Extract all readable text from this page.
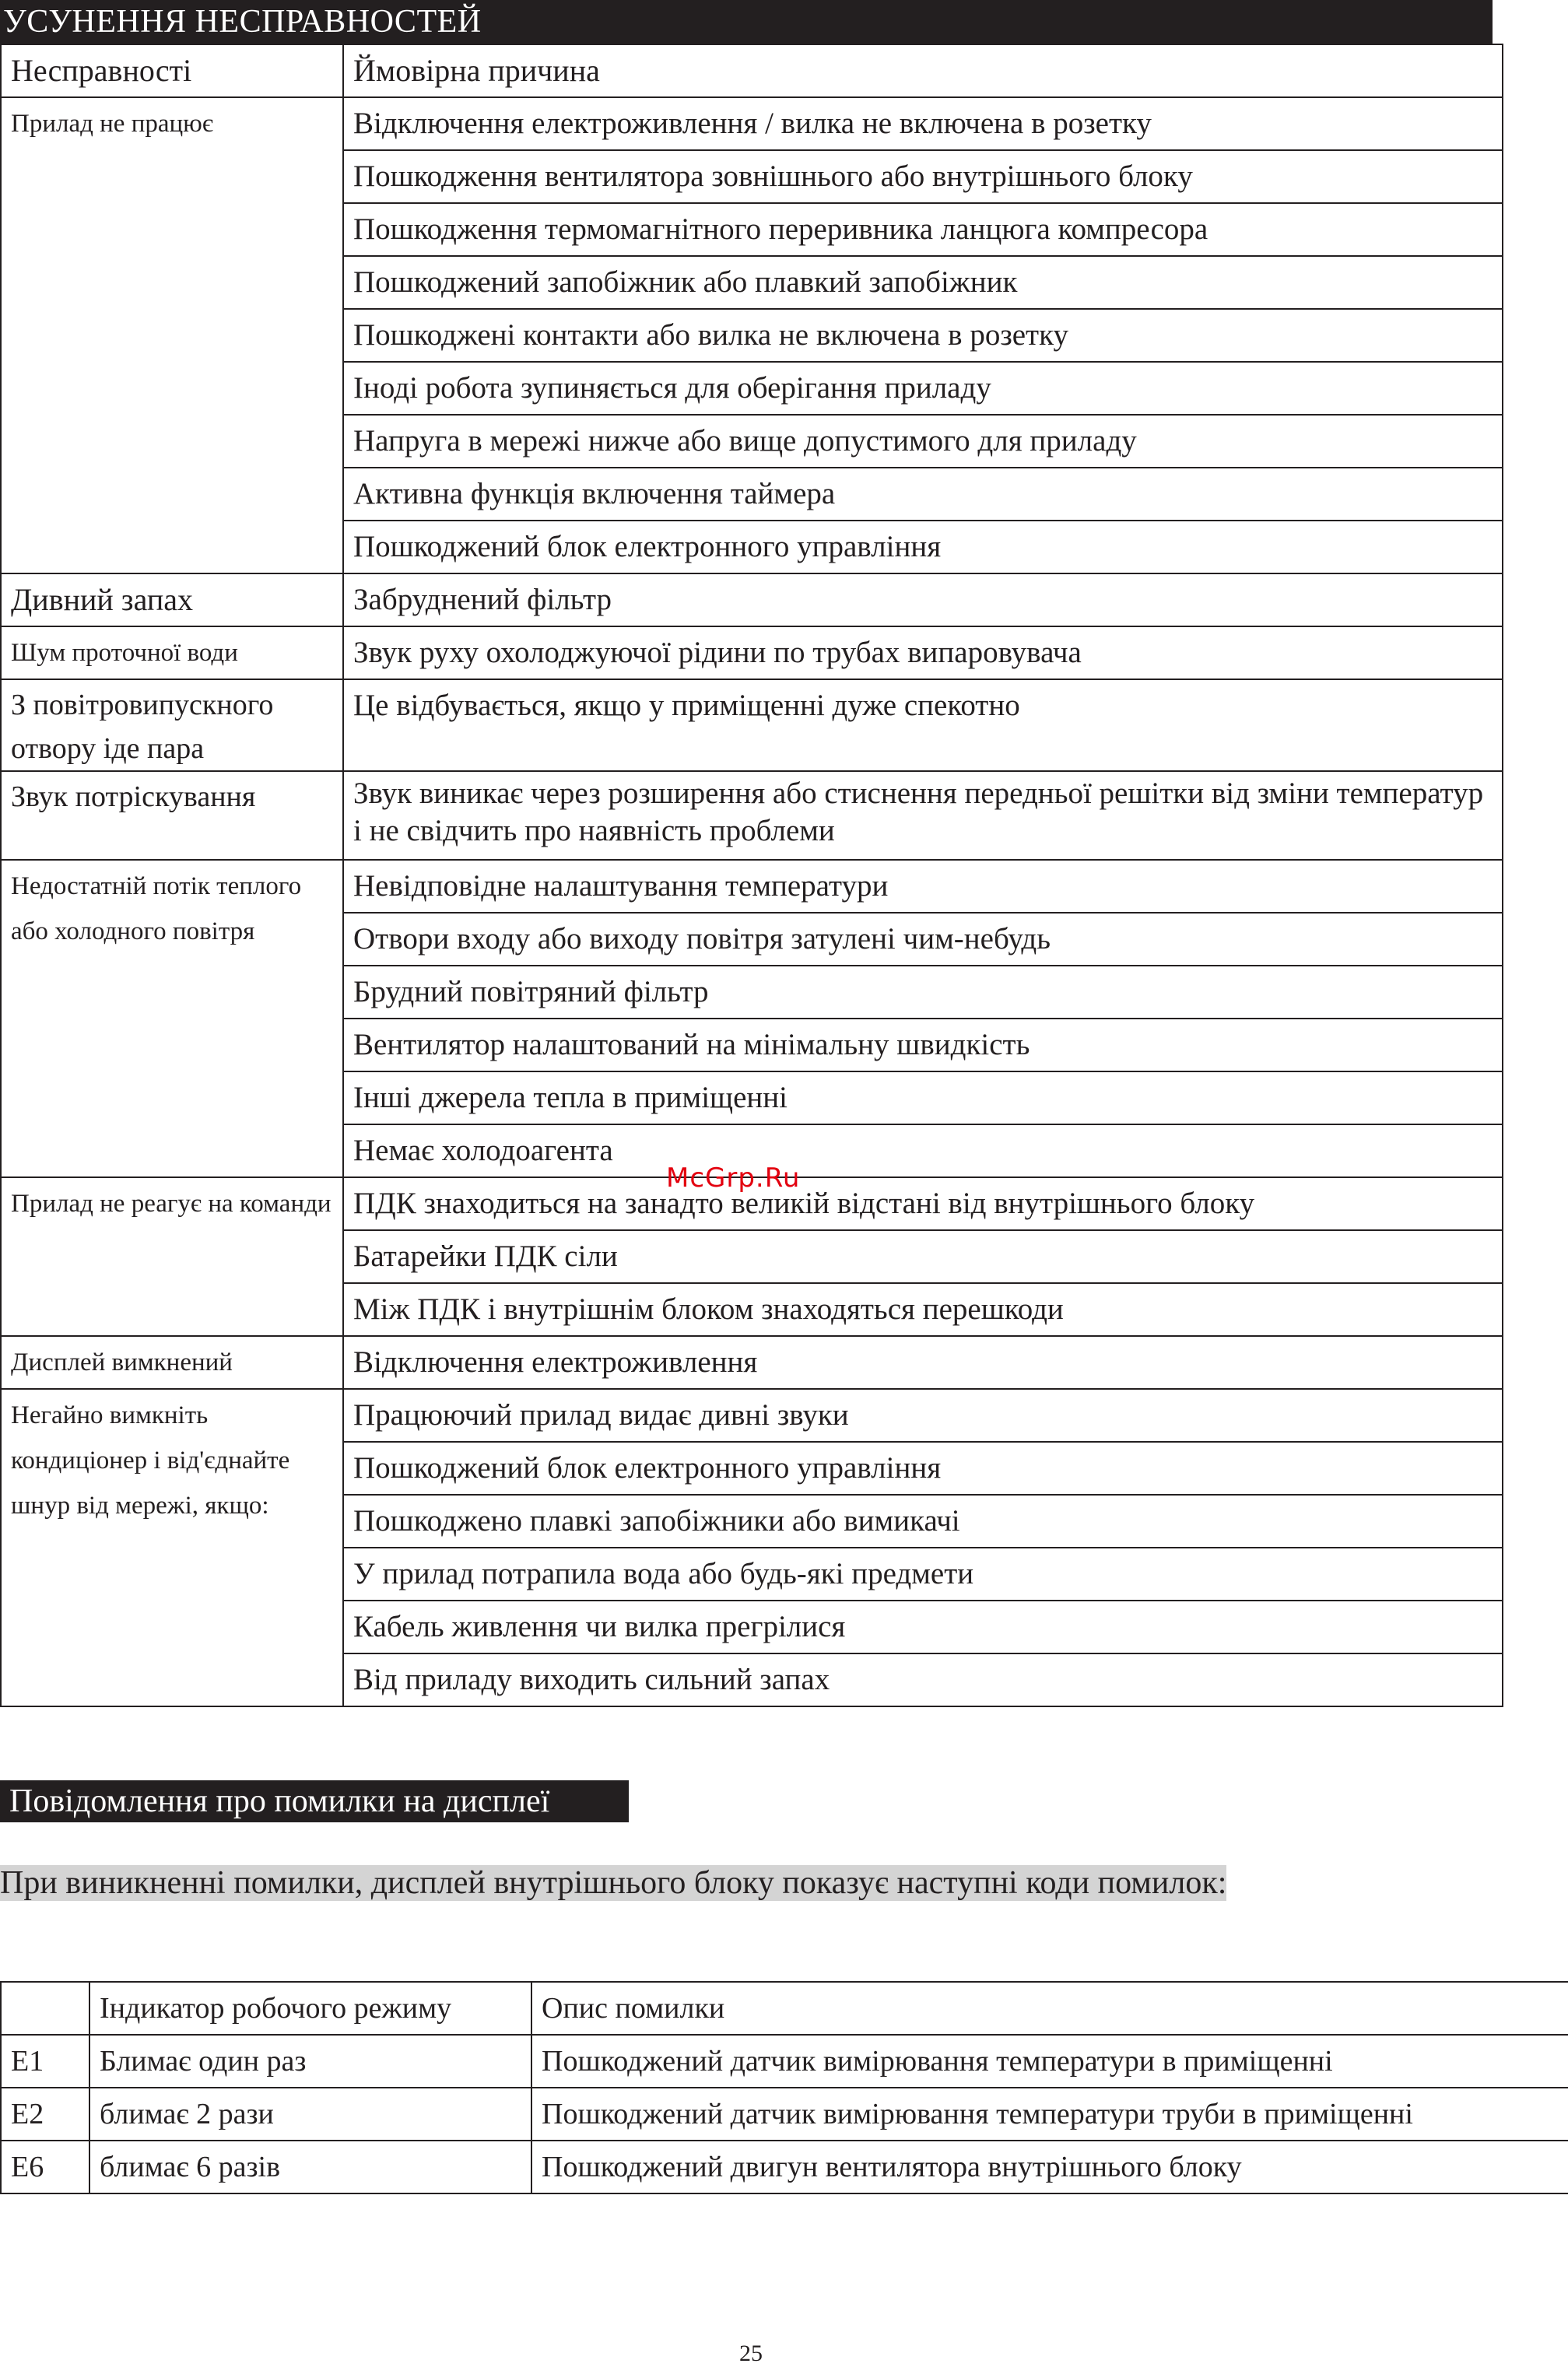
УСУНЕННЯ НЕСПРАВНОСТЕЙ
Несправності	Ймовірна причина
Прилад не працює	Відключення електроживлення / вилка не включена в розетку
	Пошкодження вентилятора зовнішнього або внутрішнього блоку
	Пошкодження термомагнітного переривника ланцюга компресора
	Пошкоджений запобіжник або плавкий запобіжник
	Пошкоджені контакти або вилка не включена в розетку
	Іноді робота зупиняється для оберігання приладу
	Напруга в мережі нижче або вище допустимого для приладу
	Активна функція включення таймера
	Пошкоджений блок електронного управління
Дивний запах	Забруднений фільтр
Шум проточної води	Звук руху охолоджуючої рідини по трубах випаровувача
З повітровипускного отвору іде пара	Це відбувається, якщо у приміщенні дуже спекотно
Звук потріскування	Звук виникає через розширення або стиснення передньої решітки від зміни температур і не свідчить про наявність проблеми
Недостатній потік теплого або холодного повітря	Невідповідне налаштування температури
	Отвори входу або виходу повітря затулені чим-небудь
	Брудний повітряний фільтр
	Вентилятор налаштований на мінімальну швидкість
	Інші джерела тепла в приміщенні
	Немає холодоагента
Прилад не реагує на команди	ПДК знаходиться на занадто великій відстані від внутрішнього блоку
	Батарейки ПДК сіли
	Між ПДК і внутрішнім блоком знаходяться перешкоди
Дисплей вимкнений	Відключення електроживлення
Негайно вимкніть кондиціонер і від'єднайте шнур від мережі, якщо:	Працюючий прилад видає дивні звуки
	Пошкоджений блок електронного управління
	Пошкоджено плавкі запобіжники або вимикачі
	У прилад потрапила вода або будь-які предмети
	Кабель живлення чи вилка прегрілися
	Від приладу виходить сильний запах
McGrp.Ru
Повідомлення про помилки на дисплеї
При виникненні помилки, дисплей внутрішнього блоку показує наступні коди помилок:
	Індикатор робочого режиму	Опис помилки
E1	Блимає один раз	Пошкоджений датчик вимірювання температури в приміщенні
E2	блимає 2 рази	Пошкоджений датчик вимірювання температури труби в приміщенні
E6	блимає 6 разів	Пошкоджений двигун вентилятора внутрішнього блоку
25
